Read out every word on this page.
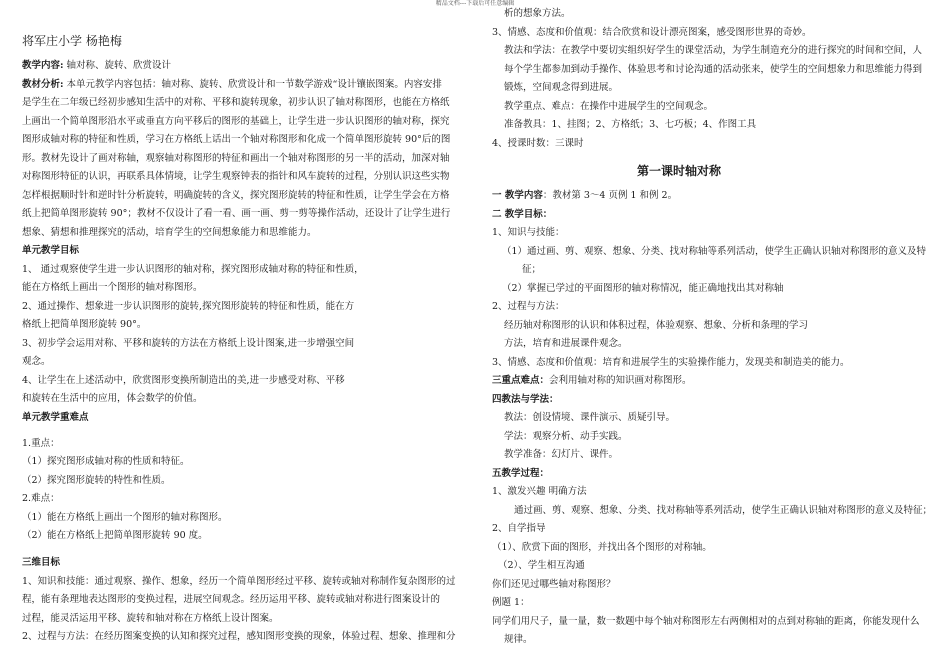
精品文档---下载后可任意编辑
将军庄小学 杨艳梅
教学内容: 轴对称、旋转、欣赏设计
教材分析: 本单元教学内容包括：轴对称、旋转、欣赏设计和一节数学游戏“设计镶嵌图案。内容安排
是学生在二年级已经初步感知生活中的对称、平移和旋转现象，初步认识了轴对称图形，也能在方格纸
上画出一个简单图形沿水平或垂直方向平移后的图形的基础上，让学生进一步认识图形的轴对称，探究
图形成轴对称的特征和性质，学习在方格纸上话出一个轴对称图形和化成一个简单图形旋转 90°后的图
形。教材先设计了画对称轴，观察轴对称图形的特征和画出一个轴对称图形的另一半的活动，加深对轴
对称图形特征的认识，再联系具体情境，让学生观察钟表的指针和风车旋转的过程，分别认识这些实物
怎样根据顺时针和逆时针分析旋转，明确旋转的含义，探究图形旋转的特征和性质，让学生学会在方格
纸上把简单图形旋转 90°；教材不仅设计了看一看、画一画、剪一剪等操作活动，还设计了让学生进行
想象、猜想和推理探究的活动，培育学生的空间想象能力和思维能力。
单元教学目标
1、 通过观察使学生进一步认识图形的轴对称，探究图形成轴对称的特征和性质，
能在方格纸上画出一个图形的轴对称图形。
2、通过操作、想象进一步认识图形的旋转,探究图形旋转的特征和性质，能在方
格纸上把简单图形旋转 90°。
3、初步学会运用对称、平移和旋转的方法在方格纸上设计图案,进一步增强空间
观念。
4、让学生在上述活动中，欣赏图形变换所制造出的美,进一步感受对称、平移
和旋转在生活中的应用，体会数学的价值。
单元教学重难点
1.重点：
（1）探究图形成轴对称的性质和特征。
（2）探究图形旋转的特性和性质。
2.难点：
（1）能在方格纸上画出一个图形的轴对称图形。
（2）能在方格纸上把简单图形旋转 90 度。
三维目标
1、知识和技能：通过观察、操作、想象，经历一个简单图形经过平移、旋转或轴对称制作复杂图形的过
程，能有条理地表达图形的变换过程，进展空间观念。经历运用平移、旋转或轴对称进行图案设计的
过程，能灵活运用平移、旋转和轴对称在方格纸上设计图案。
2、过程与方法：在经历图案变换的认知和探究过程，感知图形变换的现象，体验过程、想象、推理和分
析的想象方法。
3、情感、态度和价值观：结合欣赏和设计漂亮图案，感受图形世界的奇妙。
教法和学法：在教学中要切实组织好学生的课堂活动，为学生制造充分的进行探究的时间和空间，人
每个学生都参加到动手操作、体验思考和讨论沟通的活动张来，使学生的空间想象力和思维能力得到
锻炼，空间观念得到进展。
教学重点、难点：在操作中进展学生的空间观念。
准备教具：1、挂图；2、方格纸；3、七巧板；4、作图工具
4、授课时数：三课时
第一课时轴对称
一 教学内容：教材第 3～4 页例 1 和例 2。
二 教学目标：
1、知识与技能：
（1）通过画、剪、观察、想象、分类、找对称轴等系列活动，使学生正确认识轴对称图形的意义及特
征；
（2）掌握已学过的平面图形的轴对称情况，能正确地找出其对称轴
2、过程与方法：
经历轴对称图形的认识和体积过程，体验观察、想象、分析和条理的学习
方法，培育和进展课件观念。
3、情感、态度和价值观：培育和进展学生的实验操作能力，发现美和制造美的能力。
三重点难点：会利用轴对称的知识画对称图形。
四教法与学法：
教法：创设情境、课件演示、质疑引导。
学法：观察分析、动手实践。
教学准备：幻灯片、课件。
五教学过程：
1、激发兴趣 明确方法
通过画、剪、观察、想象、分类、找对称轴等系列活动，使学生正确认识轴对称图形的意义及特征；
2、自学指导
（1）、欣赏下面的图形，并找出各个图形的对称轴。
（2）、学生相互沟通
你们还见过哪些轴对称图形？
例题 1：
同学们用尺子，量一量，数一数题中每个轴对称图形左右两侧相对的点到对称轴的距离，你能发现什么
规律。
